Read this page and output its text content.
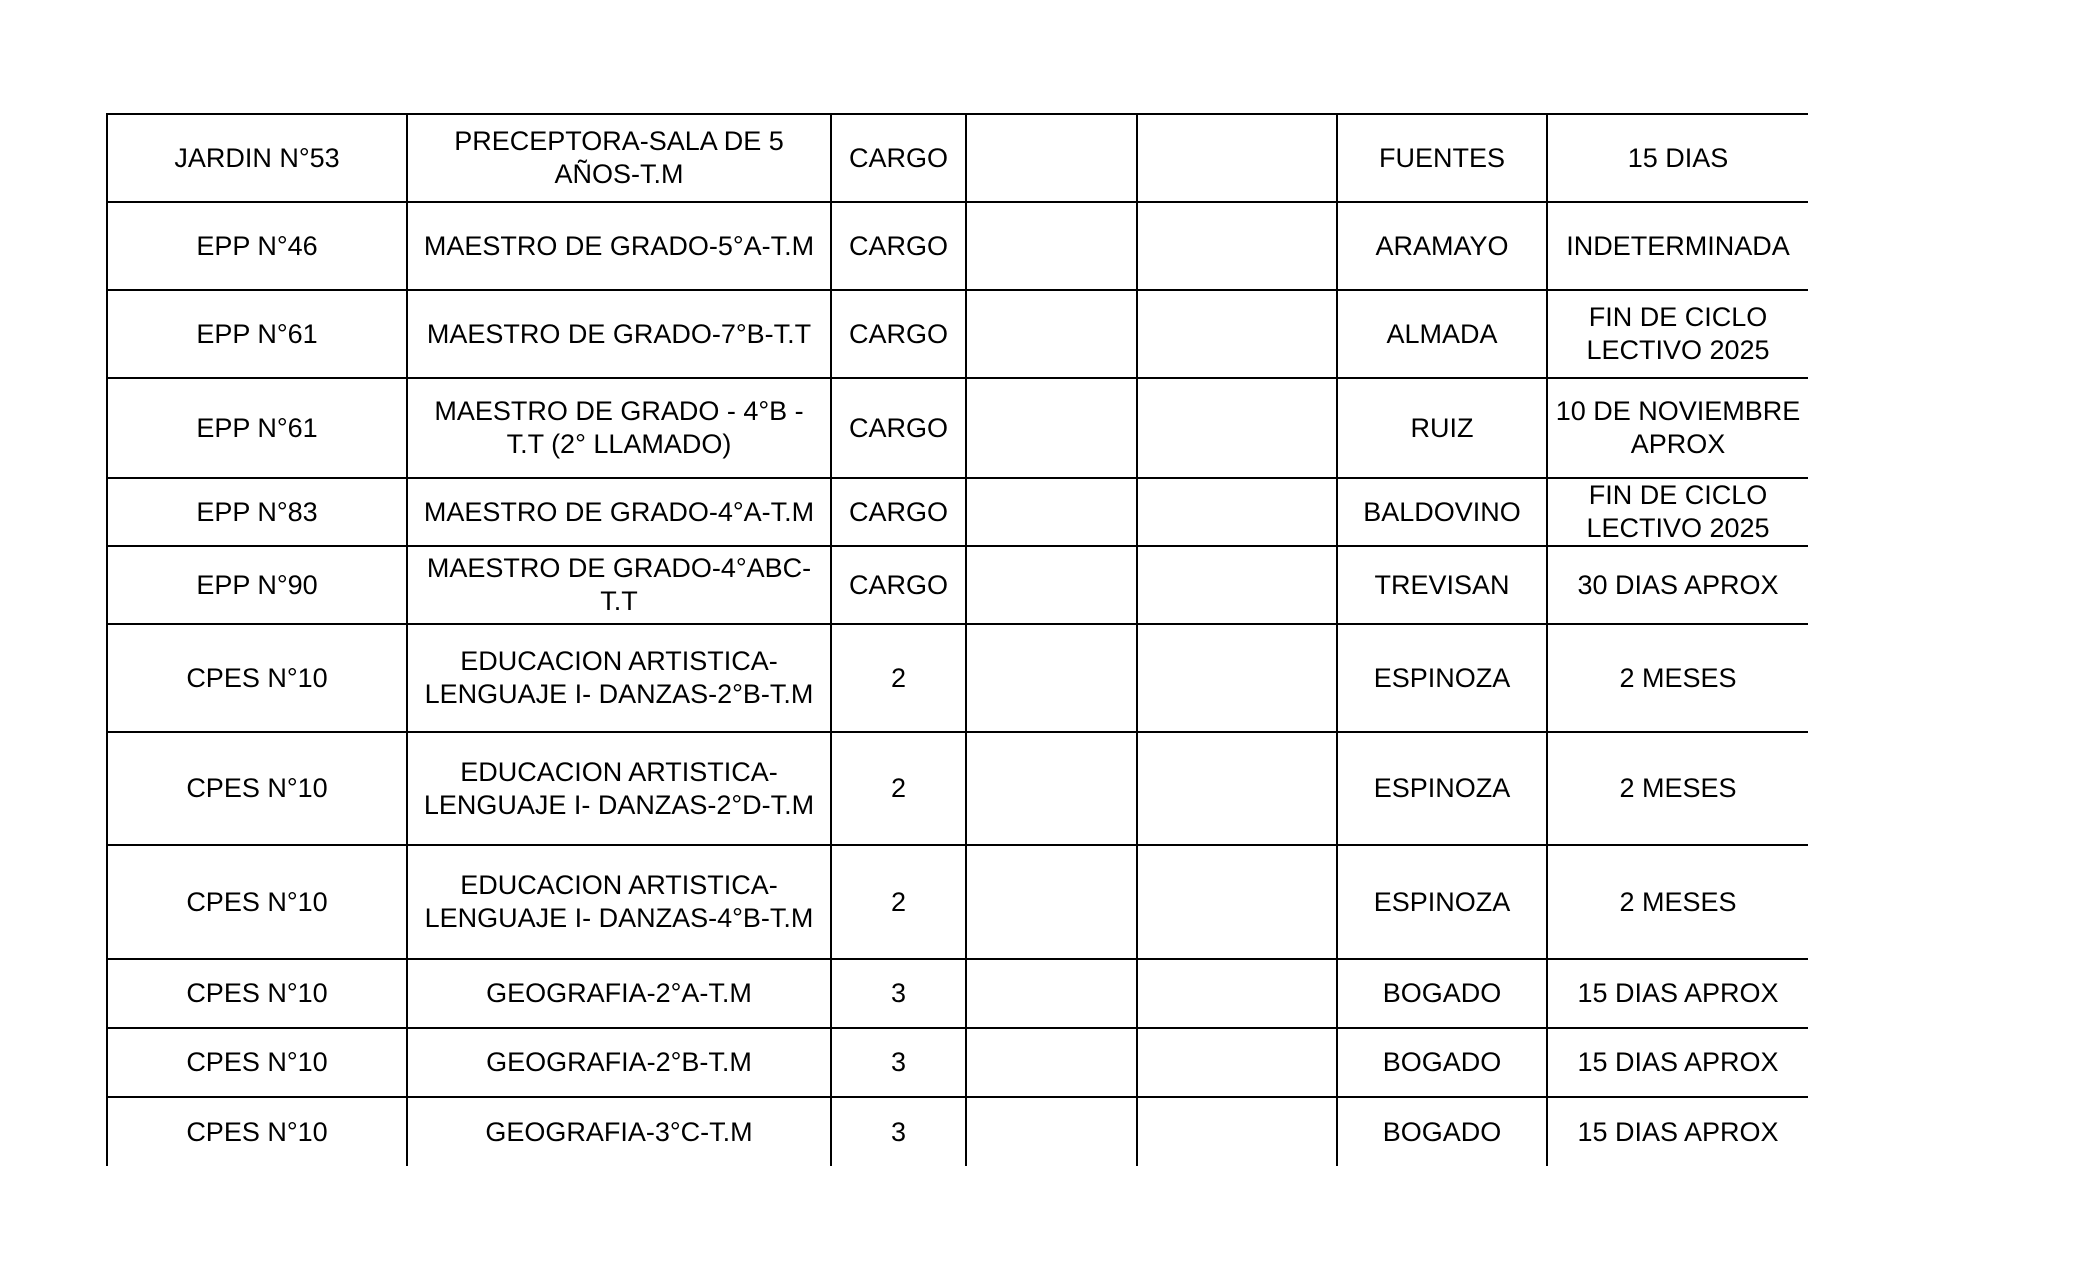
JARDIN N°53	PRECEPTORA-SALA DE 5 AÑOS-T.M	CARGO			FUENTES	15 DIAS
EPP N°46	MAESTRO DE GRADO-5°A-T.M	CARGO			ARAMAYO	INDETERMINADA
EPP N°61	MAESTRO DE GRADO-7°B-T.T	CARGO			ALMADA	FIN DE CICLO LECTIVO 2025
EPP N°61	MAESTRO DE GRADO - 4°B - T.T (2° LLAMADO)	CARGO			RUIZ	10 DE NOVIEMBRE APROX
EPP N°83	MAESTRO DE GRADO-4°A-T.M	CARGO			BALDOVINO	FIN DE CICLO LECTIVO 2025
EPP N°90	MAESTRO DE GRADO-4°ABC-T.T	CARGO			TREVISAN	30 DIAS APROX
CPES N°10	EDUCACION ARTISTICA-LENGUAJE I- DANZAS-2°B-T.M	2			ESPINOZA	2 MESES
CPES N°10	EDUCACION ARTISTICA-LENGUAJE I- DANZAS-2°D-T.M	2			ESPINOZA	2 MESES
CPES N°10	EDUCACION ARTISTICA-LENGUAJE I- DANZAS-4°B-T.M	2			ESPINOZA	2 MESES
CPES N°10	GEOGRAFIA-2°A-T.M	3			BOGADO	15 DIAS APROX
CPES N°10	GEOGRAFIA-2°B-T.M	3			BOGADO	15 DIAS APROX
CPES N°10	GEOGRAFIA-3°C-T.M	3			BOGADO	15 DIAS APROX
